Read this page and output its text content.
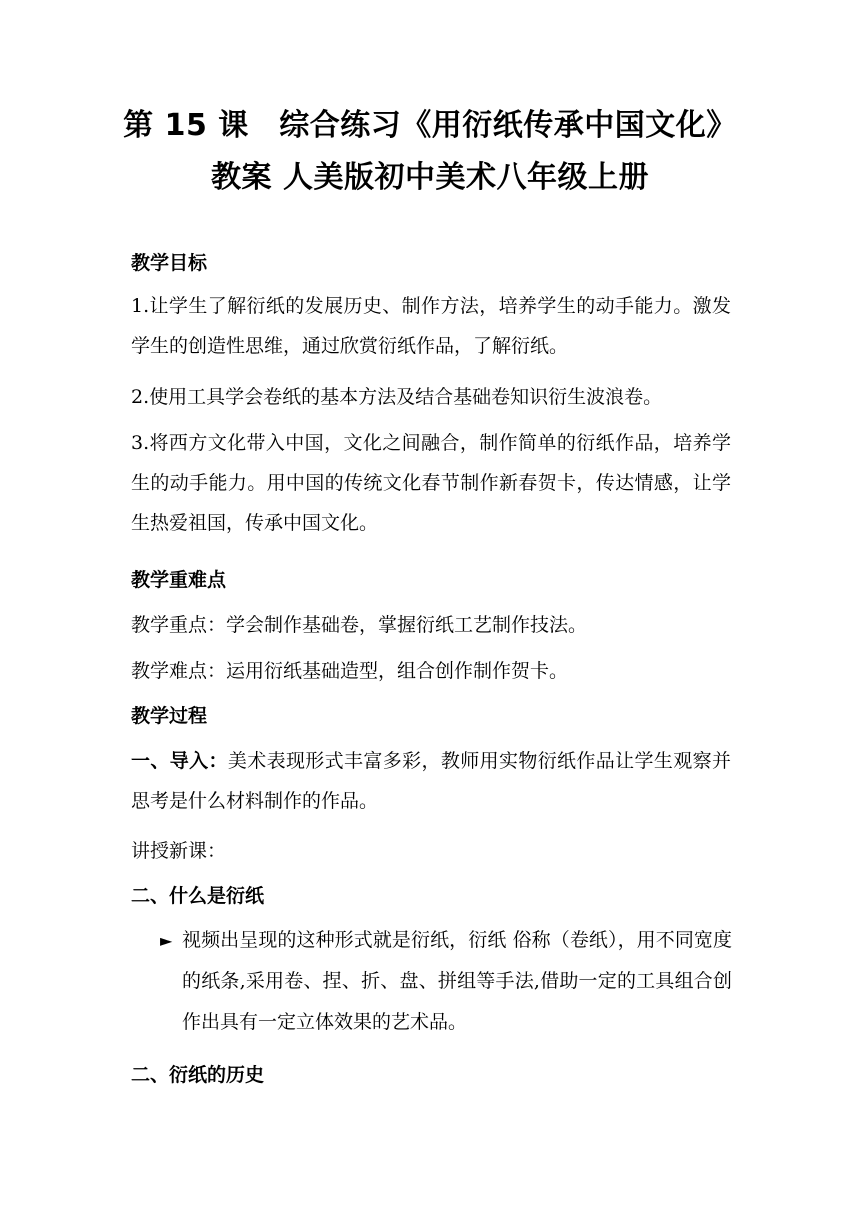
第 15 课　综合练习《用衍纸传承中国文化》教案 人美版初中美术八年级上册
教学目标
1.让学生了解衍纸的发展历史、制作方法，培养学生的动手能力。激发学生的创造性思维，通过欣赏衍纸作品，了解衍纸。
2.使用工具学会卷纸的基本方法及结合基础卷知识衍生波浪卷。
3.将西方文化带入中国，文化之间融合，制作简单的衍纸作品，培养学生的动手能力。用中国的传统文化春节制作新春贺卡，传达情感，让学生热爱祖国，传承中国文化。
教学重难点
教学重点：学会制作基础卷，掌握衍纸工艺制作技法。
教学难点：运用衍纸基础造型，组合创作制作贺卡。
教学过程
一、导入：美术表现形式丰富多彩，教师用实物衍纸作品让学生观察并思考是什么材料制作的作品。
讲授新课：
二、什么是衍纸
► 视频出呈现的这种形式就是衍纸，衍纸 俗称（卷纸），用不同宽度的纸条,采用卷、捏、折、盘、拼组等手法,借助一定的工具组合创作出具有一定立体效果的艺术品。
二、衍纸的历史
